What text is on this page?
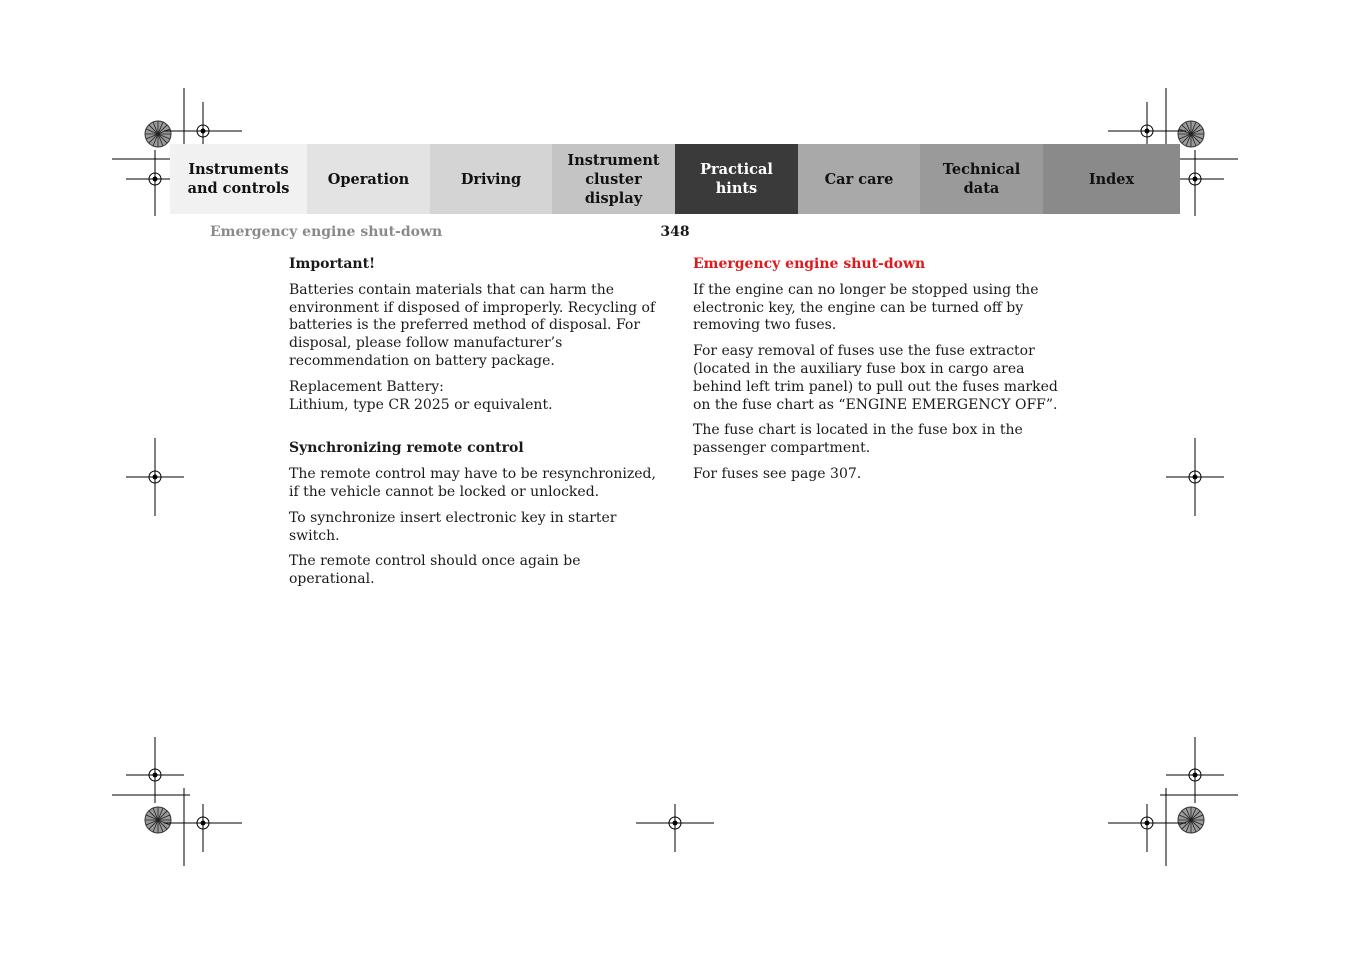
Instruments
and controls
Operation	Driving
Instrument
cluster display
Practical hints
Car care
Technical
data
Index
Emergency engine shut-down	348
Important!

Batteries contain materials that can harm the environment if disposed of improperly. Recycling of batteries is the preferred method of disposal. For disposal, please follow manufacturer’s recommendation on battery package.

Replacement Battery:
Lithium, type CR 2025 or equivalent.

Synchronizing remote control

The remote control may have to be resynchronized, if the vehicle cannot be locked or unlocked.

To synchronize insert electronic key in starter switch.

The remote control should once again be operational.

Emergency engine shut-down

If the engine can no longer be stopped using the electronic key, the engine can be turned off by removing two fuses.

For easy removal of fuses use the fuse extractor (located in the auxiliary fuse box in cargo area behind left trim panel) to pull out the fuses marked on the fuse chart as “ENGINE EMERGENCY OFF”.

The fuse chart is located in the fuse box in the passenger compartment.

For fuses see page 307.
